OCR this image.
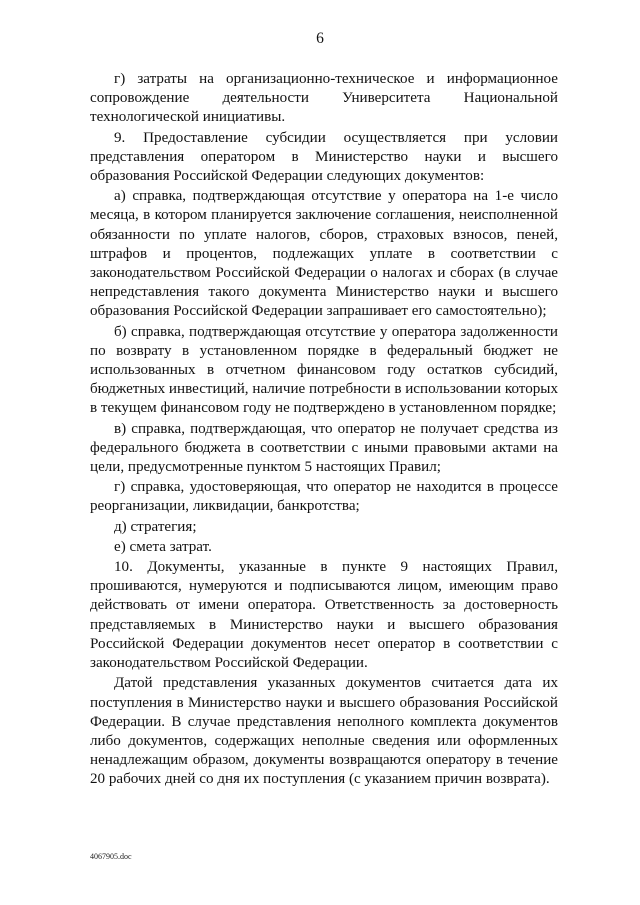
6

г) затраты на организационно-техническое и информационное сопровождение деятельности Университета Национальной технологической инициативы.

9. Предоставление субсидии осуществляется при условии представления оператором в Министерство науки и высшего образования Российской Федерации следующих документов:

а) справка, подтверждающая отсутствие у оператора на 1-е число месяца, в котором планируется заключение соглашения, неисполненной обязанности по уплате налогов, сборов, страховых взносов, пеней, штрафов и процентов, подлежащих уплате в соответствии с законодательством Российской Федерации о налогах и сборах (в случае непредставления такого документа Министерство науки и высшего образования Российской Федерации запрашивает его самостоятельно);

б) справка, подтверждающая отсутствие у оператора задолженности по возврату в установленном порядке в федеральный бюджет не использованных в отчетном финансовом году остатков субсидий, бюджетных инвестиций, наличие потребности в использовании которых в текущем финансовом году не подтверждено в установленном порядке;

в) справка, подтверждающая, что оператор не получает средства из федерального бюджета в соответствии с иными правовыми актами на цели, предусмотренные пунктом 5 настоящих Правил;

г) справка, удостоверяющая, что оператор не находится в процессе реорганизации, ликвидации, банкротства;

д) стратегия;

е) смета затрат.

10. Документы, указанные в пункте 9 настоящих Правил, прошиваются, нумеруются и подписываются лицом, имеющим право действовать от имени оператора. Ответственность за достоверность представляемых в Министерство науки и высшего образования Российской Федерации документов несет оператор в соответствии с законодательством Российской Федерации.

Датой представления указанных документов считается дата их поступления в Министерство науки и высшего образования Российской Федерации. В случае представления неполного комплекта документов либо документов, содержащих неполные сведения или оформленных ненадлежащим образом, документы возвращаются оператору в течение 20 рабочих дней со дня их поступления (с указанием причин возврата).

4067905.doc
